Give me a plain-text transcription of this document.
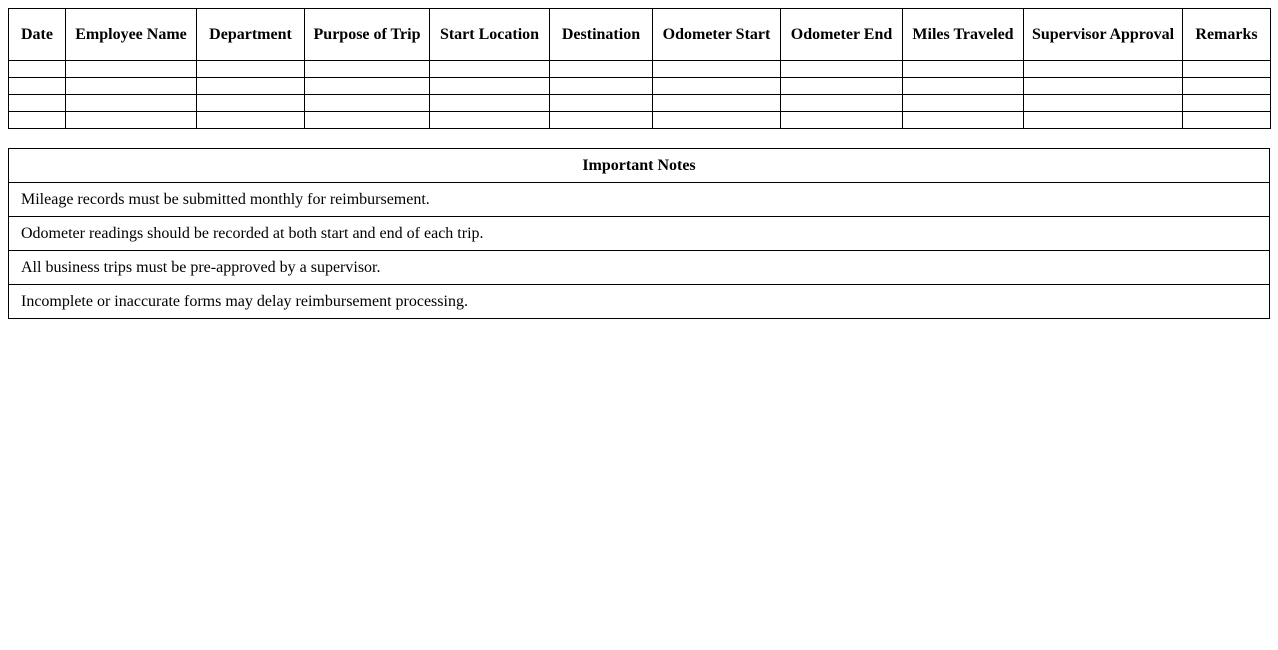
Date	Employee Name	Department	Purpose of Trip	Start Location	Destination	Odometer Start	Odometer End	Miles Traveled	Supervisor Approval	Remarks

Important Notes
Mileage records must be submitted monthly for reimbursement.
Odometer readings should be recorded at both start and end of each trip.
All business trips must be pre-approved by a supervisor.
Incomplete or inaccurate forms may delay reimbursement processing.
